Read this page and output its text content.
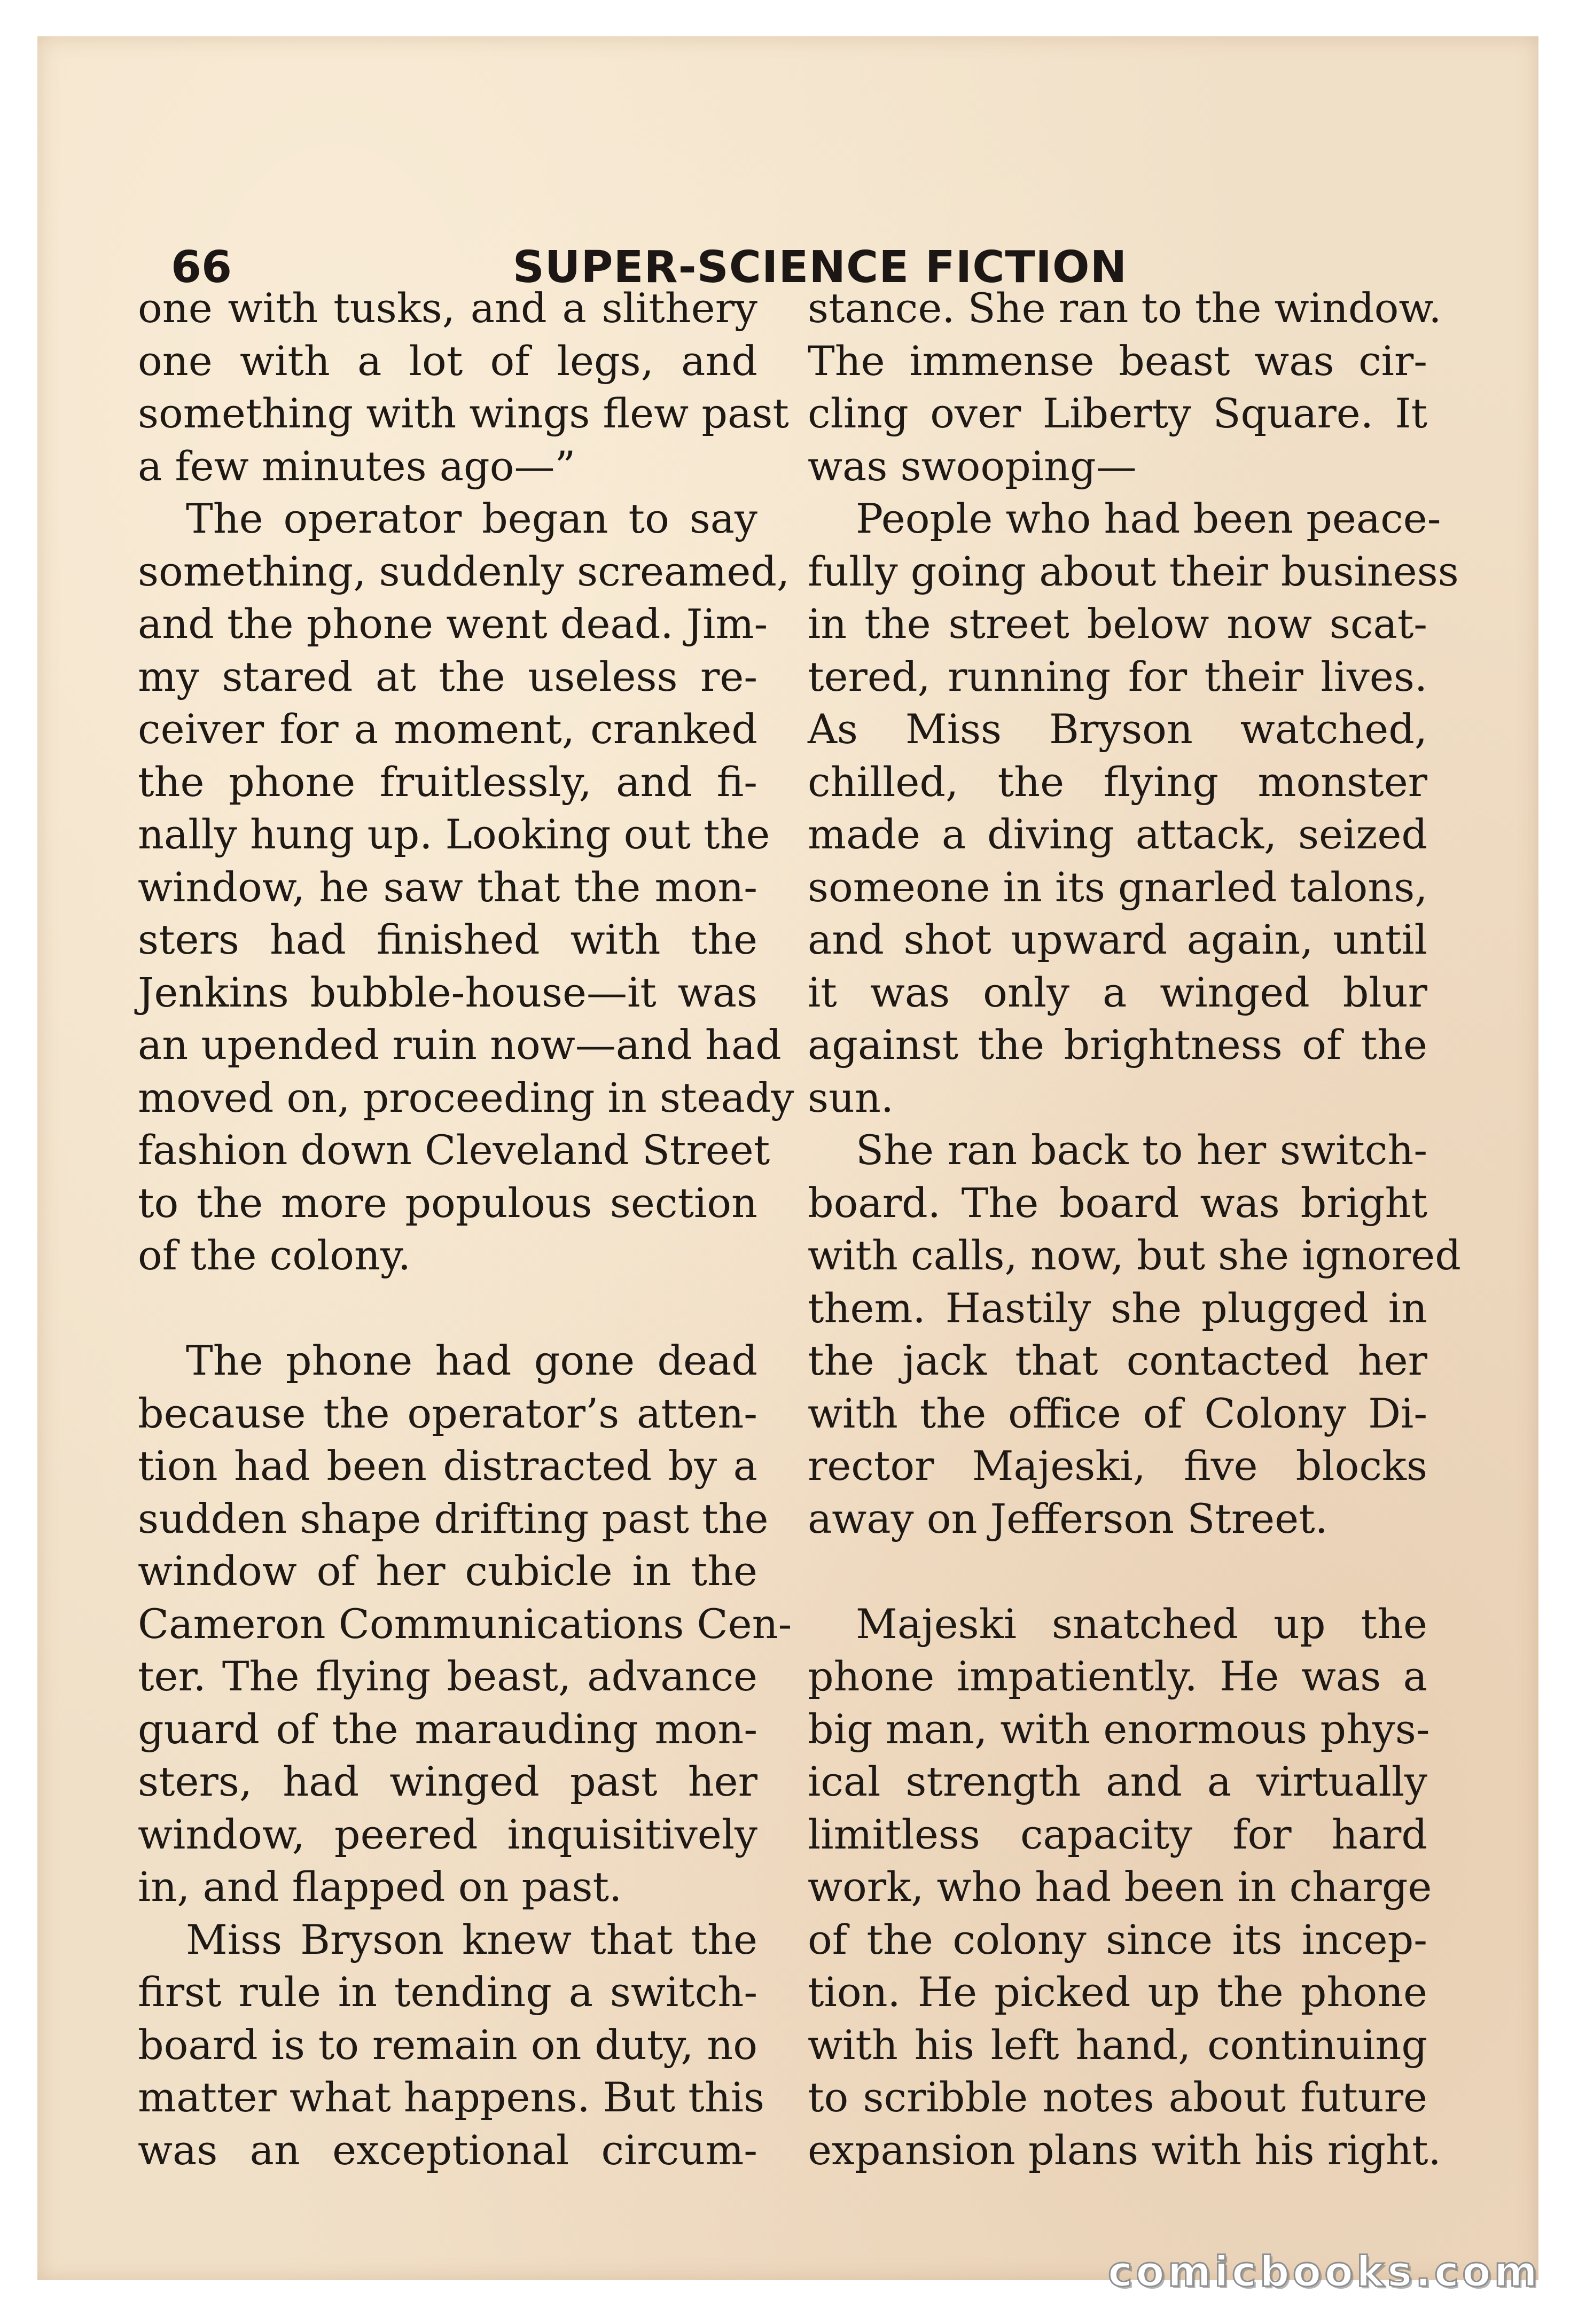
66	SUPER-SCIENCE FICTION
one with tusks, and a slithery
one with a lot of legs, and
something with wings flew past
a few minutes ago—”
The operator began to say
something, suddenly screamed,
and the phone went dead. Jim-
my stared at the useless re-
ceiver for a moment, cranked
the phone fruitlessly, and fi-
nally hung up. Looking out the
window, he saw that the mon-
sters had finished with the
Jenkins bubble-house—it was
an upended ruin now—and had
moved on, proceeding in steady
fashion down Cleveland Street
to the more populous section
of the colony.
The phone had gone dead
because the operator’s atten-
tion had been distracted by a
sudden shape drifting past the
window of her cubicle in the
Cameron Communications Cen-
ter. The flying beast, advance
guard of the marauding mon-
sters, had winged past her
window, peered inquisitively
in, and flapped on past.
Miss Bryson knew that the
first rule in tending a switch-
board is to remain on duty, no
matter what happens. But this
was an exceptional circum-
stance. She ran to the window.
The immense beast was cir-
cling over Liberty Square. It
was swooping—
People who had been peace-
fully going about their business
in the street below now scat-
tered, running for their lives.
As Miss Bryson watched,
chilled, the flying monster
made a diving attack, seized
someone in its gnarled talons,
and shot upward again, until
it was only a winged blur
against the brightness of the
sun.
She ran back to her switch-
board. The board was bright
with calls, now, but she ignored
them. Hastily she plugged in
the jack that contacted her
with the office of Colony Di-
rector Majeski, five blocks
away on Jefferson Street.
Majeski snatched up the
phone impatiently. He was a
big man, with enormous phys-
ical strength and a virtually
limitless capacity for hard
work, who had been in charge
of the colony since its incep-
tion. He picked up the phone
with his left hand, continuing
to scribble notes about future
expansion plans with his right.
comicbooks.com
